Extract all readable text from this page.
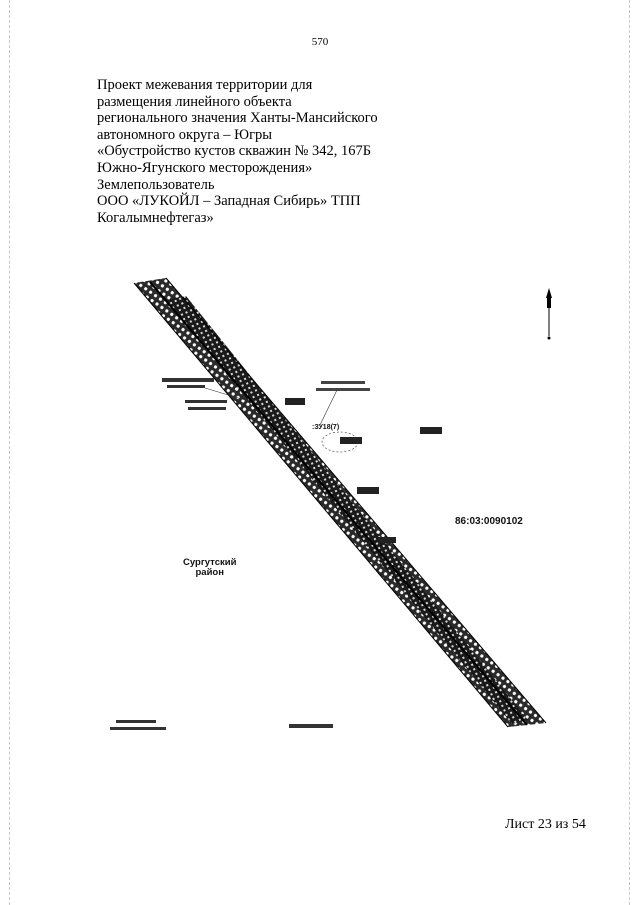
570
Проект межевания территории для
размещения линейного объекта
регионального значения Ханты-Мансийского
автономного округа – Югры
«Обустройство кустов скважин № 342, 167Б
Южно-Ягунского месторождения»
Землепользователь
ООО «ЛУКОЙЛ – Западная Сибирь» ТПП
Когалымнефтегаз»
:ЗУ18(7)
86:03:0090102
Сургутский
район
Лист 23 из 54
